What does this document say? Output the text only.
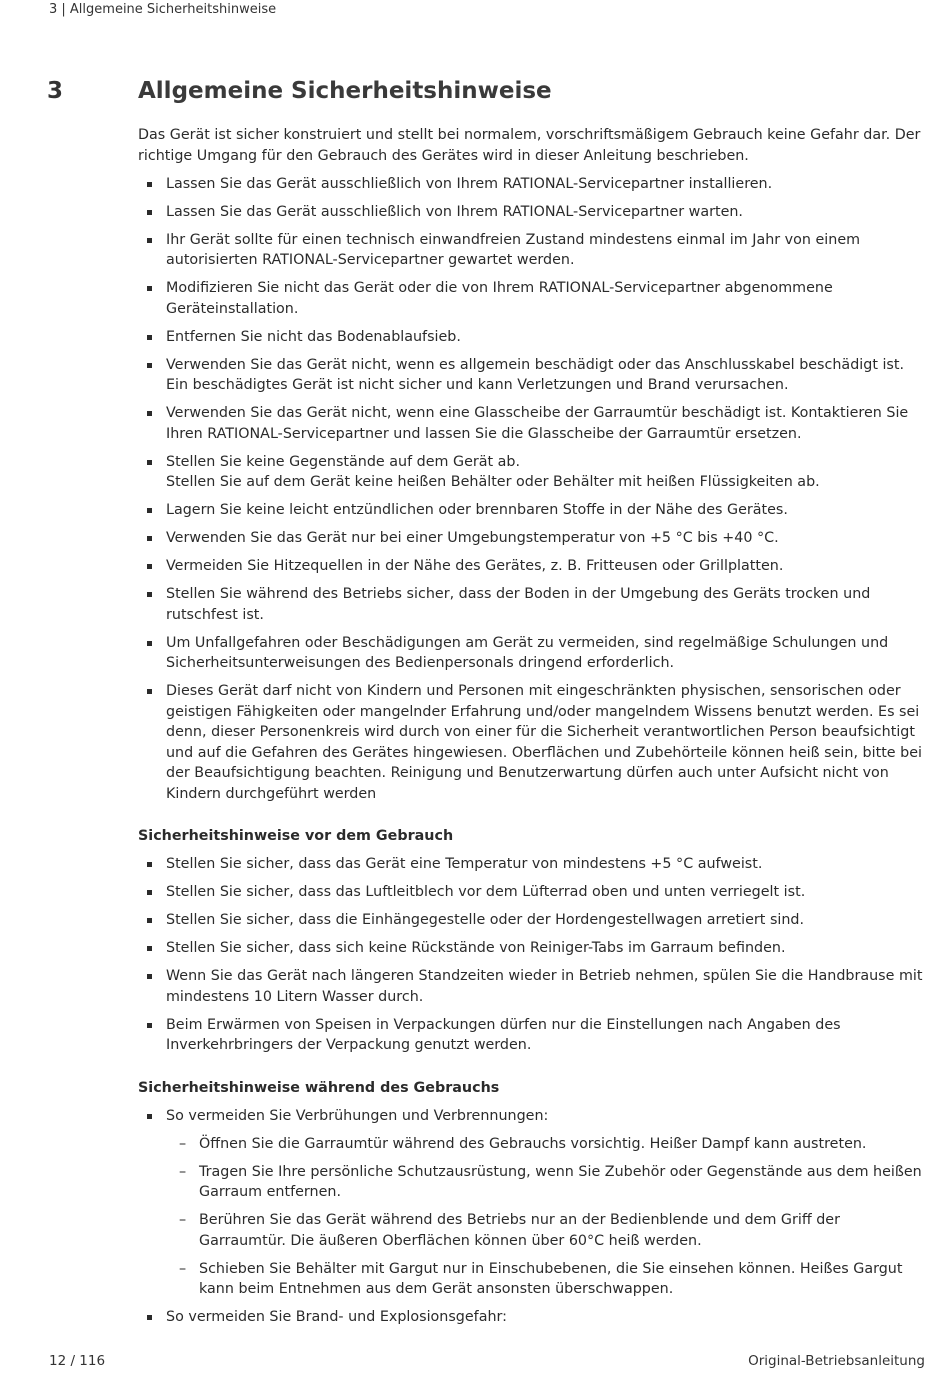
3 | Allgemeine Sicherheitshinweise
3	Allgemeine Sicherheitshinweise

Das Gerät ist sicher konstruiert und stellt bei normalem, vorschriftsmäßigem Gebrauch keine Gefahr dar. Der richtige Umgang für den Gebrauch des Gerätes wird in dieser Anleitung beschrieben.

Lassen Sie das Gerät ausschließlich von Ihrem RATIONAL-Servicepartner installieren.
Lassen Sie das Gerät ausschließlich von Ihrem RATIONAL-Servicepartner warten.
Ihr Gerät sollte für einen technisch einwandfreien Zustand mindestens einmal im Jahr von einem autorisierten RATIONAL-Servicepartner gewartet werden.
Modifizieren Sie nicht das Gerät oder die von Ihrem RATIONAL-Servicepartner abgenommene Geräteinstallation.
Entfernen Sie nicht das Bodenablaufsieb.
Verwenden Sie das Gerät nicht, wenn es allgemein beschädigt oder das Anschlusskabel beschädigt ist. Ein beschädigtes Gerät ist nicht sicher und kann Verletzungen und Brand verursachen.
Verwenden Sie das Gerät nicht, wenn eine Glasscheibe der Garraumtür beschädigt ist. Kontaktieren Sie Ihren RATIONAL-Servicepartner und lassen Sie die Glasscheibe der Garraumtür ersetzen.
Stellen Sie keine Gegenstände auf dem Gerät ab.
Stellen Sie auf dem Gerät keine heißen Behälter oder Behälter mit heißen Flüssigkeiten ab.
Lagern Sie keine leicht entzündlichen oder brennbaren Stoffe in der Nähe des Gerätes.
Verwenden Sie das Gerät nur bei einer Umgebungstemperatur von +5 °C bis +40 °C.
Vermeiden Sie Hitzequellen in der Nähe des Gerätes, z. B. Fritteusen oder Grillplatten.
Stellen Sie während des Betriebs sicher, dass der Boden in der Umgebung des Geräts trocken und rutschfest ist.
Um Unfallgefahren oder Beschädigungen am Gerät zu vermeiden, sind regelmäßige Schulungen und Sicherheitsunterweisungen des Bedienpersonals dringend erforderlich.
Dieses Gerät darf nicht von Kindern und Personen mit eingeschränkten physischen, sensorischen oder geistigen Fähigkeiten oder mangelnder Erfahrung und/oder mangelndem Wissens benutzt werden. Es sei denn, dieser Personenkreis wird durch von einer für die Sicherheit verantwortlichen Person beaufsichtigt und auf die Gefahren des Gerätes hingewiesen. Oberflächen und Zubehörteile können heiß sein, bitte bei der Beaufsichtigung beachten. Reinigung und Benutzerwartung dürfen auch unter Aufsicht nicht von Kindern durchgeführt werden
Sicherheitshinweise vor dem Gebrauch
Stellen Sie sicher, dass das Gerät eine Temperatur von mindestens +5 °C aufweist.
Stellen Sie sicher, dass das Luftleitblech vor dem Lüfterrad oben und unten verriegelt ist.
Stellen Sie sicher, dass die Einhängegestelle oder der Hordengestellwagen arretiert sind.
Stellen Sie sicher, dass sich keine Rückstände von Reiniger-Tabs im Garraum befinden.
Wenn Sie das Gerät nach längeren Standzeiten wieder in Betrieb nehmen, spülen Sie die Handbrause mit mindestens 10 Litern Wasser durch.
Beim Erwärmen von Speisen in Verpackungen dürfen nur die Einstellungen nach Angaben des Inverkehrbringers der Verpackung genutzt werden.
Sicherheitshinweise während des Gebrauchs
So vermeiden Sie Verbrühungen und Verbrennungen:
– Öffnen Sie die Garraumtür während des Gebrauchs vorsichtig. Heißer Dampf kann austreten.
– Tragen Sie Ihre persönliche Schutzausrüstung, wenn Sie Zubehör oder Gegenstände aus dem heißen Garraum entfernen.
– Berühren Sie das Gerät während des Betriebs nur an der Bedienblende und dem Griff der Garraumtür. Die äußeren Oberflächen können über 60°C heiß werden.
– Schieben Sie Behälter mit Gargut nur in Einschubebenen, die Sie einsehen können. Heißes Gargut kann beim Entnehmen aus dem Gerät ansonsten überschwappen.
So vermeiden Sie Brand- und Explosionsgefahr:
12 / 116	Original-Betriebsanleitung
